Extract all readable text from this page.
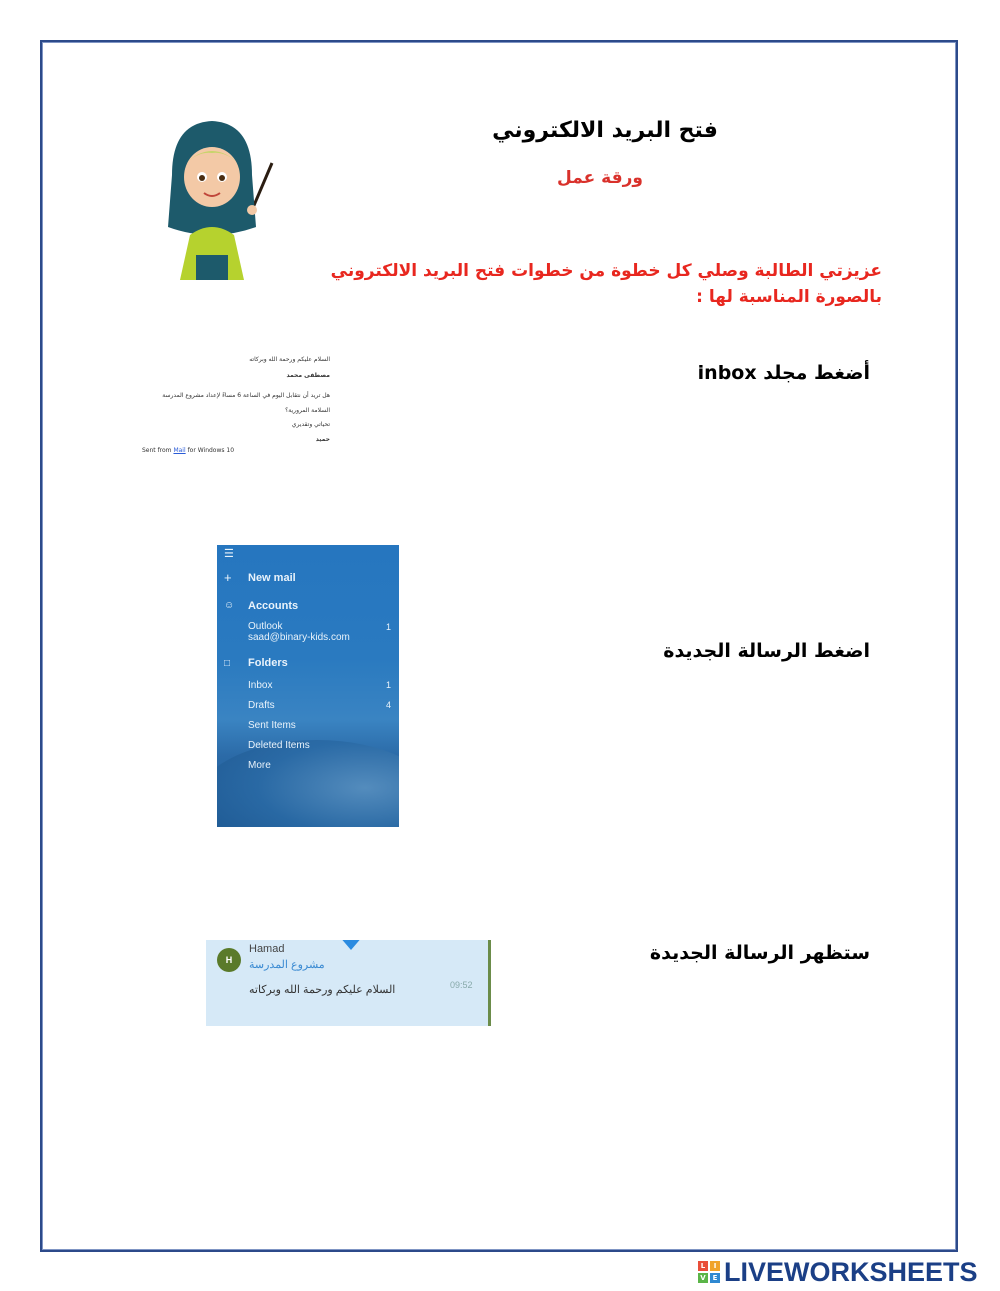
فتح البريد الالكتروني
ورقة عمل
عزيزتي الطالبة وصلي كل خطوة من خطوات فتح البريد الالكتروني بالصورة المناسبة لها :
أضغط مجلد inbox
اضغط الرسالة الجديدة
ستظهر الرسالة الجديدة
السلام عليكم ورحمة الله وبركاته
مصطفى محمد
هل تريد أن نتقابل اليوم في الساعة 6 مساءً لإعداد مشروع المدرسة
السلامة المرورية؟
تحياتي وتقديري
حميد
Sent from Mail for Windows 10
☰
+ New mail
☺ Accounts
Outlook
saad@binary-kids.com
1
□ Folders
Inbox	1
Drafts	4
Sent Items
Deleted Items
More
H
Hamad
مشروع المدرسة
السلام عليكم ورحمة الله وبركاته	09:52
L	I
V E LIVEWORKSHEETS
